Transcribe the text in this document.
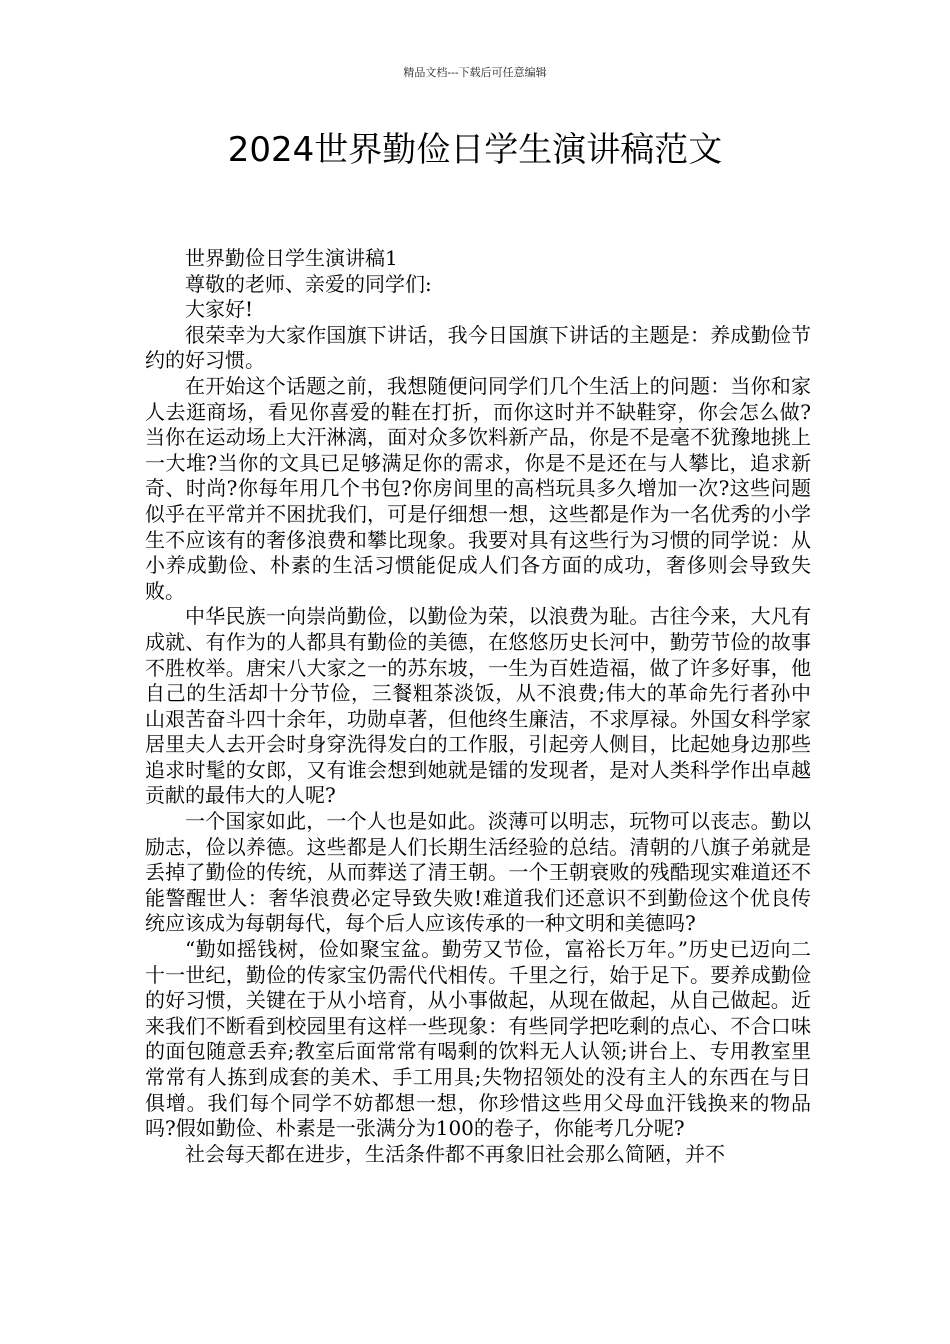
精品文档---下载后可任意编辑
2024世界勤俭日学生演讲稿范文

世界勤俭日学生演讲稿1

尊敬的老师、亲爱的同学们:

大家好!

很荣幸为大家作国旗下讲话，我今日国旗下讲话的主题是：养成勤俭节约的好习惯。

在开始这个话题之前，我想随便问同学们几个生活上的问题：当你和家人去逛商场，看见你喜爱的鞋在打折，而你这时并不缺鞋穿，你会怎么做?当你在运动场上大汗淋漓，面对众多饮料新产品，你是不是毫不犹豫地挑上一大堆?当你的文具已足够满足你的需求，你是不是还在与人攀比，追求新奇、时尚?你每年用几个书包?你房间里的高档玩具多久增加一次?这些问题似乎在平常并不困扰我们，可是仔细想一想，这些都是作为一名优秀的小学生不应该有的奢侈浪费和攀比现象。我要对具有这些行为习惯的同学说：从小养成勤俭、朴素的生活习惯能促成人们各方面的成功，奢侈则会导致失败。

中华民族一向崇尚勤俭，以勤俭为荣，以浪费为耻。古往今来，大凡有成就、有作为的人都具有勤俭的美德，在悠悠历史长河中，勤劳节俭的故事不胜枚举。唐宋八大家之一的苏东坡，一生为百姓造福，做了许多好事，他自己的生活却十分节俭，三餐粗茶淡饭，从不浪费;伟大的革命先行者孙中山艰苦奋斗四十余年，功勋卓著，但他终生廉洁，不求厚禄。外国女科学家居里夫人去开会时身穿洗得发白的工作服，引起旁人侧目，比起她身边那些追求时髦的女郎，又有谁会想到她就是镭的发现者，是对人类科学作出卓越贡献的最伟大的人呢?

一个国家如此，一个人也是如此。淡薄可以明志，玩物可以丧志。勤以励志，俭以养德。这些都是人们长期生活经验的总结。清朝的八旗子弟就是丢掉了勤俭的传统，从而葬送了清王朝。一个王朝衰败的残酷现实难道还不能警醒世人：奢华浪费必定导致失败!难道我们还意识不到勤俭这个优良传统应该成为每朝每代，每个后人应该传承的一种文明和美德吗?

“勤如摇钱树，俭如聚宝盆。勤劳又节俭，富裕长万年。”历史已迈向二十一世纪，勤俭的传家宝仍需代代相传。千里之行，始于足下。要养成勤俭的好习惯，关键在于从小培育，从小事做起，从现在做起，从自己做起。近来我们不断看到校园里有这样一些现象：有些同学把吃剩的点心、不合口味的面包随意丢弃;教室后面常常有喝剩的饮料无人认领;讲台上、专用教室里常常有人拣到成套的美术、手工用具;失物招领处的没有主人的东西在与日俱增。我们每个同学不妨都想一想，你珍惜这些用父母血汗钱换来的物品吗?假如勤俭、朴素是一张满分为100的卷子，你能考几分呢?

社会每天都在进步，生活条件都不再象旧社会那么简陋，并不
